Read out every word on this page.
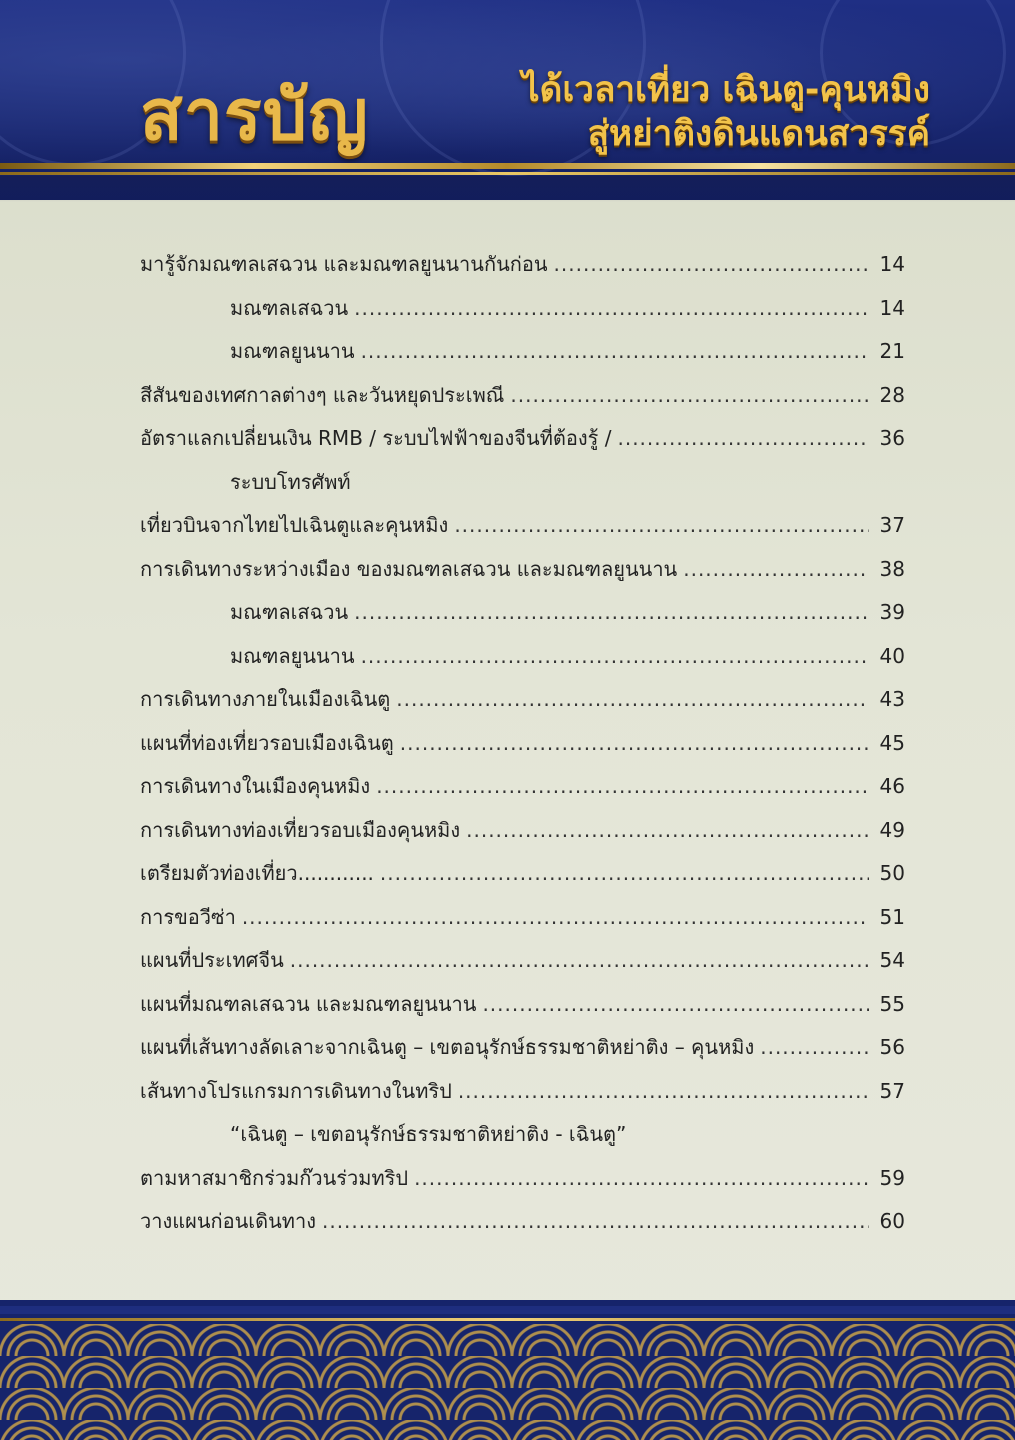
สารบัญ	ได้เวลาเที่ยว เฉินตู-คุนหมิง
สู่หย่าติงดินแดนสวรรค์
มารู้จักมณฑลเสฉวน และมณฑลยูนนานกันก่อน .....	14
มณฑลเสฉวน .....	14
มณฑลยูนนาน .....	21
สีสันของเทศกาลต่างๆ และวันหยุดประเพณี .....	28
อัตราแลกเปลี่ยนเงิน RMB / ระบบไฟฟ้าของจีนที่ต้องรู้ / .....	36
ระบบโทรศัพท์
เที่ยวบินจากไทยไปเฉินตูและคุนหมิง .....	37
การเดินทางระหว่างเมือง ของมณฑลเสฉวน และมณฑลยูนนาน .....	38
มณฑลเสฉวน .....	39
มณฑลยูนนาน .....	40
การเดินทางภายในเมืองเฉินตู .....	43
แผนที่ท่องเที่ยวรอบเมืองเฉินตู .....	45
การเดินทางในเมืองคุนหมิง .....	46
การเดินทางท่องเที่ยวรอบเมืองคุนหมิง .....	49
เตรียมตัวท่องเที่ยว............ .....	50
การขอวีซ่า .....	51
แผนที่ประเทศจีน .....	54
แผนที่มณฑลเสฉวน และมณฑลยูนนาน .....	55
แผนที่เส้นทางลัดเลาะจากเฉินตู – เขตอนุรักษ์ธรรมชาติหย่าติง – คุนหมิง .....	56
เส้นทางโปรแกรมการเดินทางในทริป .....	57
“เฉินตู – เขตอนุรักษ์ธรรมชาติหย่าติง - เฉินตู”
ตามหาสมาชิกร่วมก๊วนร่วมทริป .....	59
วางแผนก่อนเดินทาง .....	60
